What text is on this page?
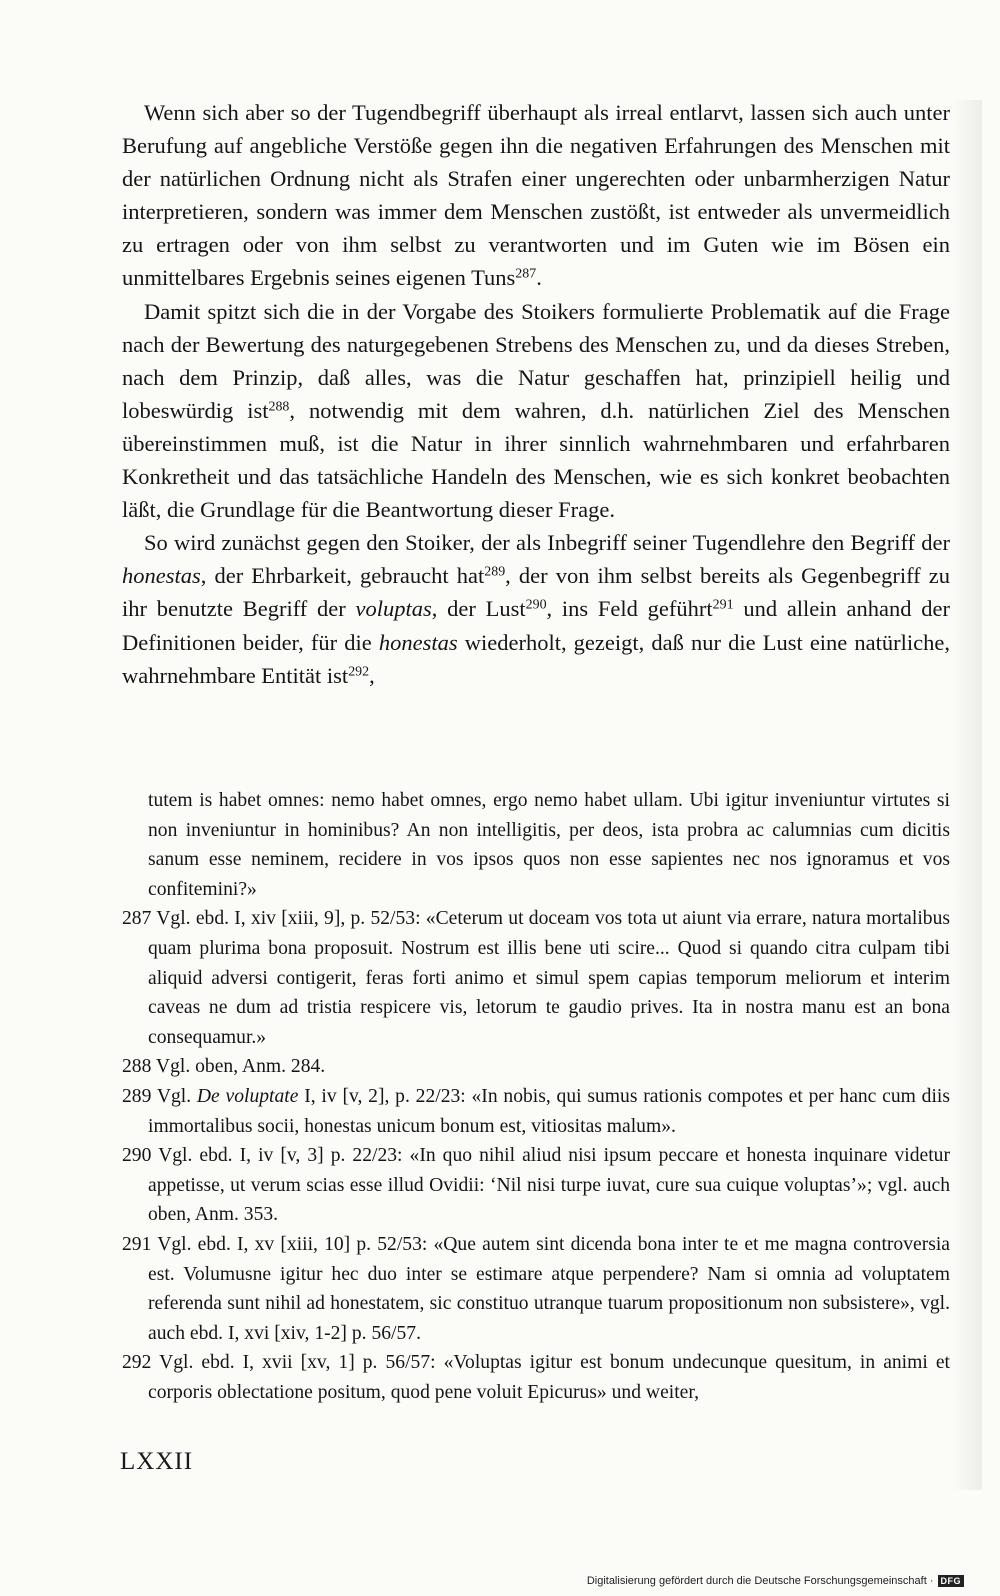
Wenn sich aber so der Tugendbegriff überhaupt als irreal entlarvt, lassen sich auch unter Berufung auf angebliche Verstöße gegen ihn die negativen Erfahrungen des Menschen mit der natürlichen Ordnung nicht als Strafen einer ungerechten oder unbarmherzigen Natur interpretieren, sondern was immer dem Menschen zustößt, ist entweder als unvermeidlich zu ertragen oder von ihm selbst zu verantworten und im Guten wie im Bösen ein unmittelbares Ergebnis seines eigenen Tuns$^{287}$.

Damit spitzt sich die in der Vorgabe des Stoikers formulierte Problematik auf die Frage nach der Bewertung des naturgegebenen Strebens des Menschen zu, und da dieses Streben, nach dem Prinzip, daß alles, was die Natur geschaffen hat, prinzipiell heilig und lobeswürdig ist$^{288}$, notwendig mit dem wahren, d.h. natürlichen Ziel des Menschen übereinstimmen muß, ist die Natur in ihrer sinnlich wahrnehmbaren und erfahrbaren Konkretheit und das tatsächliche Handeln des Menschen, wie es sich konkret beobachten läßt, die Grundlage für die Beantwortung dieser Frage.

So wird zunächst gegen den Stoiker, der als Inbegriff seiner Tugendlehre den Begriff der honestas, der Ehrbarkeit, gebraucht hat$^{289}$, der von ihm selbst bereits als Gegenbegriff zu ihr benutzte Begriff der voluptas, der Lust$^{290}$, ins Feld geführt$^{291}$ und allein anhand der Definitionen beider, für die honestas wiederholt, gezeigt, daß nur die Lust eine natürliche, wahrnehmbare Entität ist$^{292}$,

tutem is habet omnes: nemo habet omnes, ergo nemo habet ullam. Ubi igitur inveniuntur virtutes si non inveniuntur in hominibus? An non intelligitis, per deos, ista probra ac calumnias cum dicitis sanum esse neminem, recidere in vos ipsos quos non esse sapientes nec nos ignoramus et vos confitemini?»

287 Vgl. ebd. I, xiv [xiii, 9], p. 52/53: «Ceterum ut doceam vos tota ut aiunt via errare, natura mortalibus quam plurima bona proposuit. Nostrum est illis bene uti scire... Quod si quando citra culpam tibi aliquid adversi contigerit, feras forti animo et simul spem capias temporum meliorum et interim caveas ne dum ad tristia respicere vis, letorum te gaudio prives. Ita in nostra manu est an bona consequamur.»

288 Vgl. oben, Anm. 284.

289 Vgl. De voluptate I, iv [v, 2], p. 22/23: «In nobis, qui sumus rationis compotes et per hanc cum diis immortalibus socii, honestas unicum bonum est, vitiositas malum».

290 Vgl. ebd. I, iv [v, 3] p. 22/23: «In quo nihil aliud nisi ipsum peccare et honesta inquinare videtur appetisse, ut verum scias esse illud Ovidii: ‘Nil nisi turpe iuvat, cure sua cuique voluptas’»; vgl. auch oben, Anm. 353.

291 Vgl. ebd. I, xv [xiii, 10] p. 52/53: «Que autem sint dicenda bona inter te et me magna controversia est. Volumusne igitur hec duo inter se estimare atque perpendere? Nam si omnia ad voluptatem referenda sunt nihil ad honestatem, sic constituo utranque tuarum propositionum non subsistere», vgl. auch ebd. I, xvi [xiv, 1-2] p. 56/57.

292 Vgl. ebd. I, xvii [xv, 1] p. 56/57: «Voluptas igitur est bonum undecunque quesitum, in animi et corporis oblectatione positum, quod pene voluit Epicurus» und weiter,

LXXII
Digitalisierung gefördert durch die Deutsche Forschungsgemeinschaft · DFG
